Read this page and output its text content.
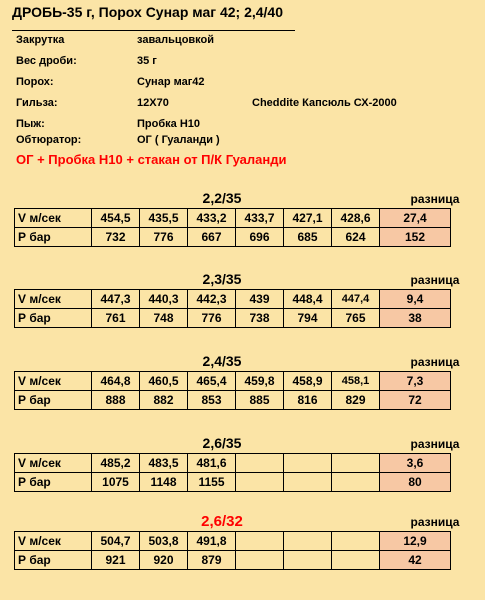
ДРОБЬ-35 г, Порох Сунар маг 42; 2,4/40
Закрутка	завальцовкой
Вес дроби:	35 г
Порох:	Сунар маг42
Гильза:	12Х70	Cheddite Капсюль СХ-2000
Пыж:	Пробка Н10
Обтюратор:	ОГ ( Гуаланди )
ОГ + Пробка Н10 + стакан от П/К Гуаланди
2,2/35	разница
V м/сек	454,5	435,5	433,2	433,7	427,1	428,6	27,4
Р бар	732	776	667	696	685	624	152
2,3/35	разница
V м/сек	447,3	440,3	442,3	439	448,4	447,4	9,4
Р бар	761	748	776	738	794	765	38
2,4/35	разница
V м/сек	464,8	460,5	465,4	459,8	458,9	458,1	7,3
Р бар	888	882	853	885	816	829	72
2,6/35	разница
V м/сек	485,2	483,5	481,6				3,6
Р бар	1075	1148	1155				80
2,6/32	разница
V м/сек	504,7	503,8	491,8				12,9
Р бар	921	920	879				42
